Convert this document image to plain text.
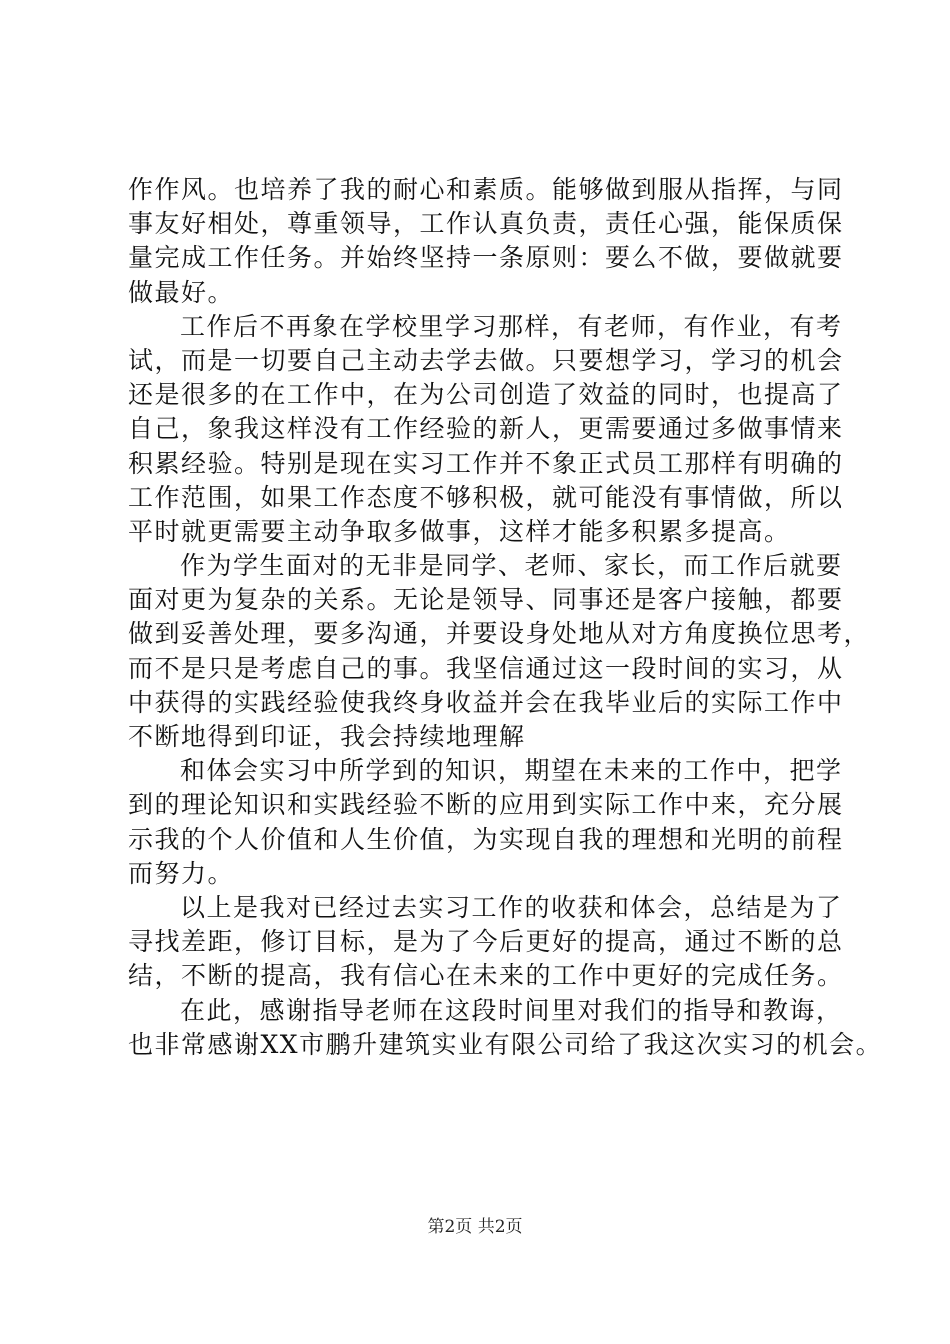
作作风。也培养了我的耐心和素质。能够做到服从指挥，与同
事友好相处，尊重领导，工作认真负责，责任心强，能保质保
量完成工作任务。并始终坚持一条原则：要么不做，要做就要
做最好。
工作后不再象在学校里学习那样，有老师，有作业，有考
试，而是一切要自己主动去学去做。只要想学习，学习的机会
还是很多的在工作中，在为公司创造了效益的同时，也提高了
自己，象我这样没有工作经验的新人，更需要通过多做事情来
积累经验。特别是现在实习工作并不象正式员工那样有明确的
工作范围，如果工作态度不够积极，就可能没有事情做，所以
平时就更需要主动争取多做事，这样才能多积累多提高。
作为学生面对的无非是同学、老师、家长，而工作后就要
面对更为复杂的关系。无论是领导、同事还是客户接触，都要
做到妥善处理，要多沟通，并要设身处地从对方角度换位思考，
而不是只是考虑自己的事。我坚信通过这一段时间的实习，从
中获得的实践经验使我终身收益并会在我毕业后的实际工作中
不断地得到印证，我会持续地理解
和体会实习中所学到的知识，期望在未来的工作中，把学
到的理论知识和实践经验不断的应用到实际工作中来，充分展
示我的个人价值和人生价值，为实现自我的理想和光明的前程
而努力。
以上是我对已经过去实习工作的收获和体会，总结是为了
寻找差距，修订目标，是为了今后更好的提高，通过不断的总
结，不断的提高，我有信心在未来的工作中更好的完成任务。
在此，感谢指导老师在这段时间里对我们的指导和教诲，
也非常感谢XX市鹏升建筑实业有限公司给了我这次实习的机会。
第2页 共2页
